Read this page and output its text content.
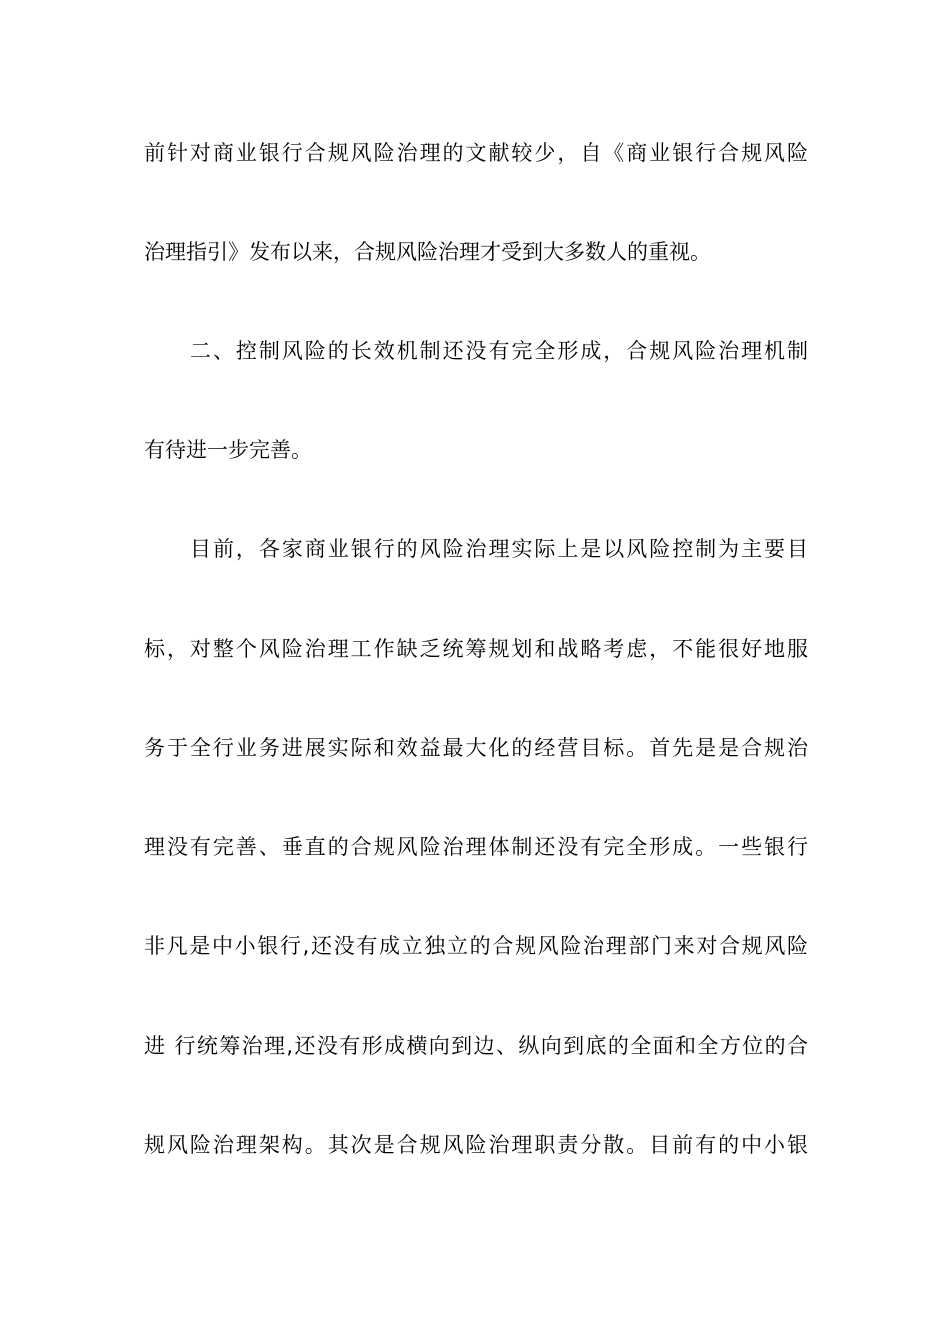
前针对商业银行合规风险治理的文献较少，自《商业银行合规风险
治理指引》发布以来，合规风险治理才受到大多数人的重视。
二、控制风险的长效机制还没有完全形成，合规风险治理机制
有待进一步完善。
目前，各家商业银行的风险治理实际上是以风险控制为主要目
标，对整个风险治理工作缺乏统筹规划和战略考虑，不能很好地服
务于全行业务进展实际和效益最大化的经营目标。首先是是合规治
理没有完善、垂直的合规风险治理体制还没有完全形成。一些银行
非凡是中小银行,还没有成立独立的合规风险治理部门来对合规风险
进 行统筹治理,还没有形成横向到边、纵向到底的全面和全方位的合
规风险治理架构。其次是合规风险治理职责分散。目前有的中小银
